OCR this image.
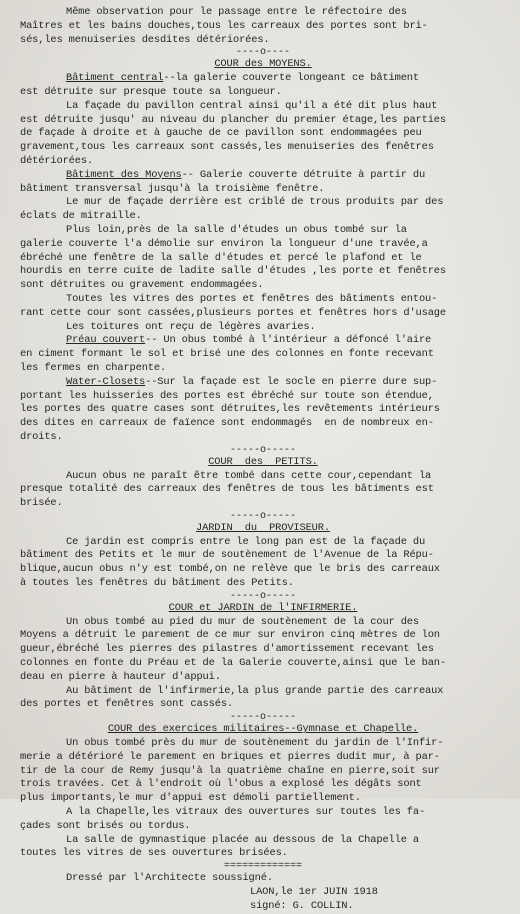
Même observation pour le passage entre le réfectoire des
Maîtres et les bains douches,tous les carreaux des portes sont bri-
sés,les menuiseries desdites détériorées.
----o----
COUR des MOYENS.
Bâtiment central--la galerie couverte longeant ce bâtiment
est détruite sur presque toute sa longueur.
La façade du pavillon central ainsi qu'il a été dit plus haut
est détruite jusqu' au niveau du plancher du premier étage,les parties
de façade à droite et à gauche de ce pavillon sont endommagées peu
gravement,tous les carreaux sont cassés,les menuiseries des fenêtres
détériorées.
Bâtiment des Moyens-- Galerie couverte détruite à partir du
bâtiment transversal jusqu'à la troisième fenêtre.
Le mur de façade derrière est criblé de trous produits par des
éclats de mitraille.
Plus loin,près de la salle d'études un obus tombé sur la
galerie couverte l'a démolie sur environ la longueur d'une travée,a
ébréché une fenêtre de la salle d'études et percé le plafond et le
hourdis en terre cuite de ladite salle d'études ,les porte et fenêtres
sont détruites ou gravement endommagées.
Toutes les vitres des portes et fenêtres des bâtiments entou-
rant cette cour sont cassées,plusieurs portes et fenêtres hors d'usage
Les toitures ont reçu de légères avaries.
Préau couvert-- Un obus tombé à l'intérieur a défoncé l'aire
en ciment formant le sol et brisé une des colonnes en fonte recevant
les fermes en charpente.
Water-Closets--Sur la façade est le socle en pierre dure sup-
portant les huisseries des portes est ébréché sur toute son étendue,
les portes des quatre cases sont détruites,les revêtements intérieurs
des dites en carreaux de faïence sont endommagés  en de nombreux en-
droits.
-----o-----
COUR  des  PETITS.
Aucun obus ne paraît être tombé dans cette cour,cependant la
presque totalité des carreaux des fenêtres de tous les bâtiments est
brisée.
-----o-----
JARDIN  du  PROVISEUR.
Ce jardin est compris entre le long pan est de la façade du
bâtiment des Petits et le mur de soutènement de l'Avenue de la Répu-
blique,aucun obus n'y est tombé,on ne relève que le bris des carreaux
à toutes les fenêtres du bâtiment des Petits.
-----o-----
COUR et JARDIN de l'INFIRMERIE.
Un obus tombé au pied du mur de soutènement de la cour des
Moyens a détruit le parement de ce mur sur environ cinq mètres de lon
gueur,ébréché les pierres des pilastres d'amortissement recevant les
colonnes en fonte du Préau et de la Galerie couverte,ainsi que le ban-
deau en pierre à hauteur d'appui.
Au bâtiment de l'infirmerie,la plus grande partie des carreaux
des portes et fenêtres sont cassés.
-----o-----
COUR des exercices militaires--Gymnase et Chapelle.
Un obus tombé près du mur de soutènement du jardin de l'Infir-
merie a détérioré le parement en briques et pierres dudit mur, à par-
tir de la cour de Remy jusqu'à la quatrième chaîne en pierre,soit sur
trois travées. Cet à l'endroit où l'obus a explosé les dégâts sont
plus importants,le mur d'appui est démoli partiellement.
A la Chapelle,les vitraux des ouvertures sur toutes les fa-
çades sont brisés ou tordus.
La salle de gymnastique placée au dessous de la Chapelle a
toutes les vitres de ses ouvertures brisées.
=============
Dressé par l'Architecte soussigné.
LAON,le 1er JUIN 1918
signé: G. COLLIN.
